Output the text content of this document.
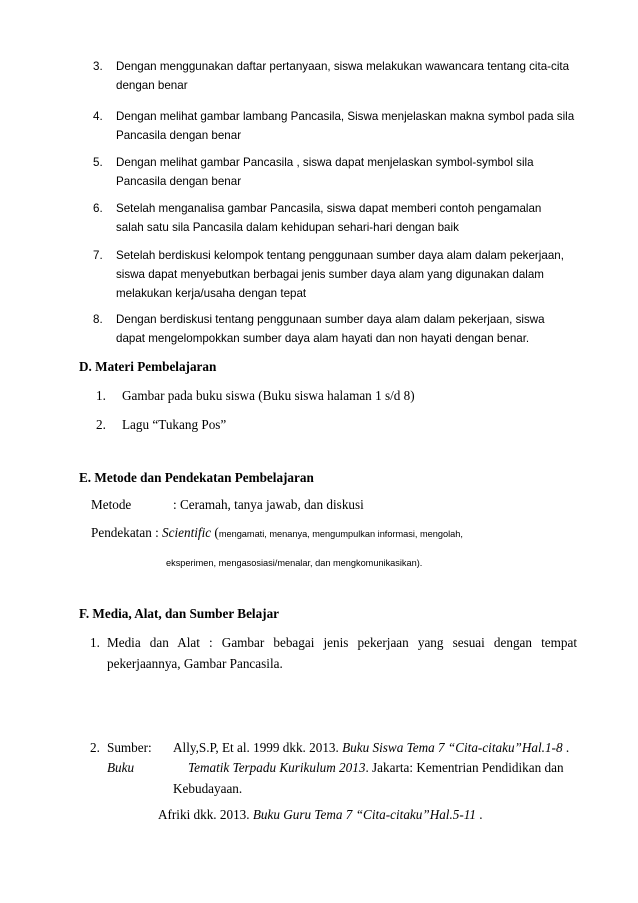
3. Dengan menggunakan daftar pertanyaan, siswa melakukan wawancara tentang cita-cita
dengan benar
4. Dengan melihat gambar lambang Pancasila, Siswa menjelaskan makna symbol pada sila
Pancasila dengan benar
5. Dengan melihat gambar Pancasila , siswa dapat menjelaskan symbol-symbol sila
Pancasila dengan benar
6. Setelah menganalisa gambar Pancasila, siswa dapat memberi contoh pengamalan
salah satu sila Pancasila dalam kehidupan sehari-hari dengan baik
7. Setelah berdiskusi kelompok tentang penggunaan sumber daya alam dalam pekerjaan,
siswa dapat menyebutkan berbagai jenis sumber daya alam yang digunakan dalam
melakukan kerja/usaha dengan tepat
8. Dengan berdiskusi tentang penggunaan sumber daya alam dalam pekerjaan, siswa
dapat mengelompokkan sumber daya alam hayati dan non hayati dengan benar.
D. Materi Pembelajaran
1. Gambar pada buku siswa (Buku siswa halaman 1 s/d 8)
2. Lagu “Tukang Pos”
E. Metode dan Pendekatan Pembelajaran
Metode	: Ceramah, tanya jawab, dan diskusi
Pendekatan : Scientific (mengamati, menanya, mengumpulkan informasi, mengolah,
eksperimen, mengasosiasi/menalar, dan mengkomunikasikan).
F. Media, Alat, dan Sumber Belajar
1. Media dan Alat : Gambar bebagai jenis pekerjaan yang sesuai dengan tempat
pekerjaannya, Gambar Pancasila.
2. Sumber: Ally,S.P, Et al. 1999 dkk. 2013. Buku Siswa Tema 7 “Cita-citaku”Hal.1-8 .
Buku	Tematik Terpadu Kurikulum 2013. Jakarta: Kementrian Pendidikan dan
Kebudayaan.
Afriki dkk. 2013. Buku Guru Tema 7 “Cita-citaku”Hal.5-11 .
